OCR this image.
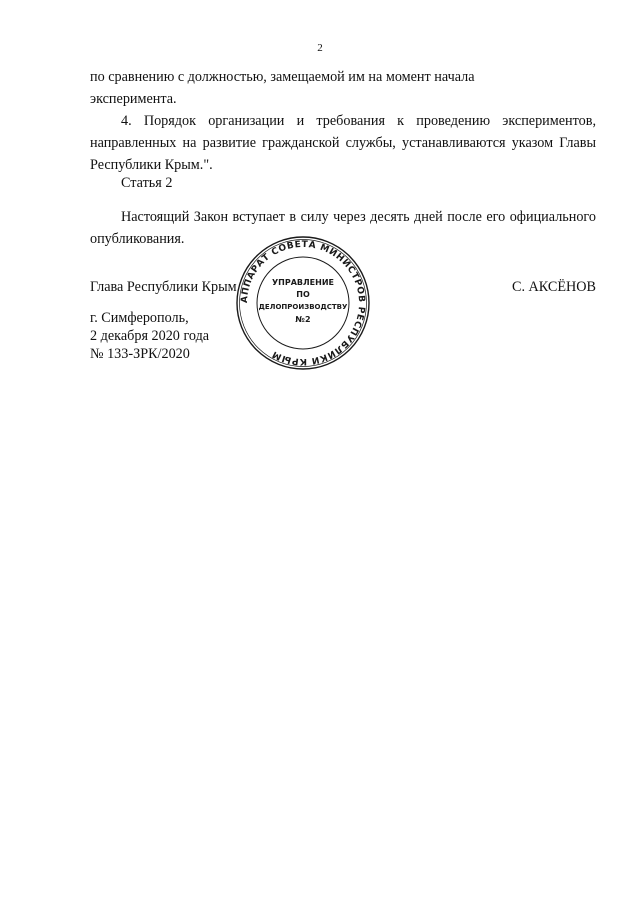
2

по сравнению с должностью, замещаемой им на момент начала

эксперимента.

4. Порядок организации и требования к проведению экспериментов, направленных на развитие гражданской службы, устанавливаются указом Главы Республики Крым.".

Статья 2

Настоящий Закон вступает в силу через десять дней после его официального опубликования.

Глава Республики Крым	С. АКСЁНОВ
г. Симферополь,
2 декабря 2020 года
№ 133-ЗРК/2020
АППАРАТ СОВЕТА МИНИСТРОВ РЕСПУБЛИКИ КРЫМ
УПРАВЛЕНИЕ
ПО
ДЕЛОПРОИЗВОДСТВУ
№2
